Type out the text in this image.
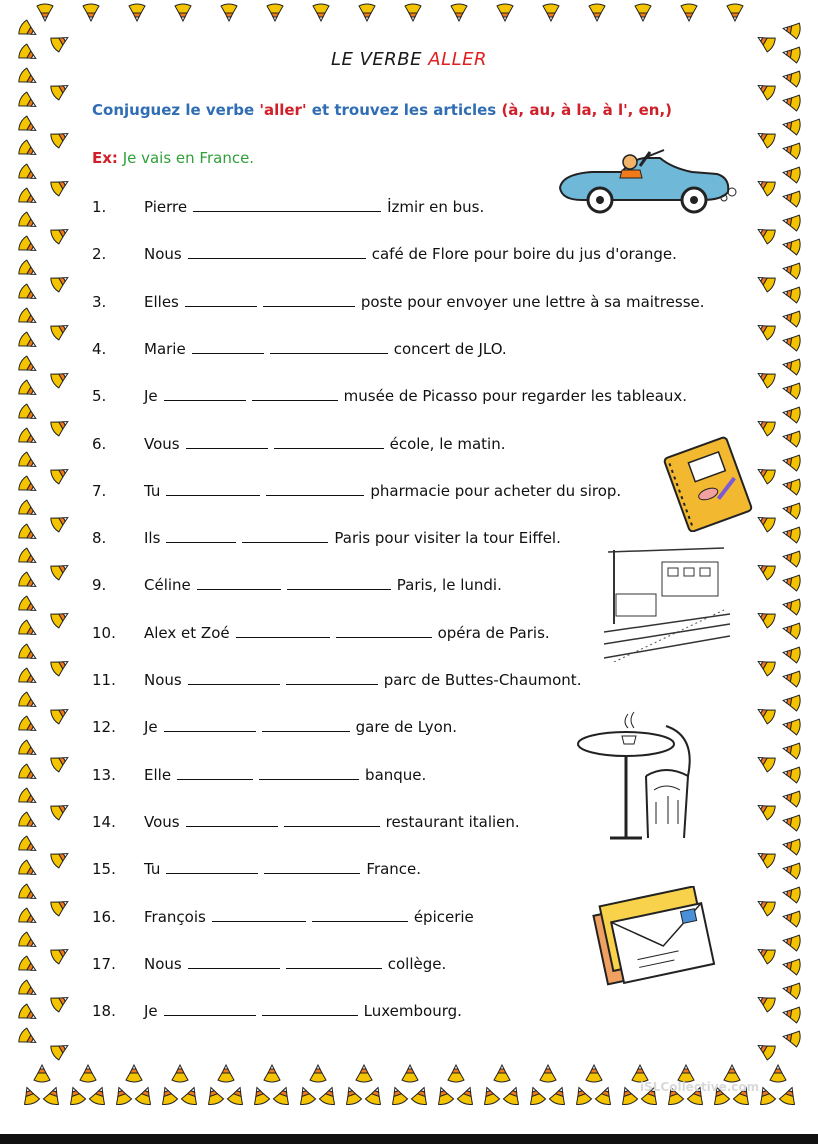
LE VERBE ALLER
Conjuguez le verbe 'aller' et trouvez les articles (à, au, à la, à l', en,)
Ex: Je vais en France.
1.	Pierre	İzmir en bus.
2.	Nous	café de Flore pour boire du jus d'orange.
3.	Elles	poste pour envoyer une lettre à sa maitresse.
4.	Marie	concert de JLO.
5.	Je	musée de Picasso pour regarder les tableaux.
6.	Vous	école, le matin.
7.	Tu	pharmacie pour acheter du sirop.
8.	Ils	Paris pour visiter la tour Eiffel.
9.	Céline	Paris, le lundi.
10. Alex et Zoé	opéra de Paris.
11. Nous	parc de Buttes-Chaumont.
12. Je	gare de Lyon.
13. Elle	banque.
14. Vous	restaurant italien.
15. Tu	France.
16. François	épicerie
17. Nous	collège.
18. Je	Luxembourg.
iSLCollective.com
